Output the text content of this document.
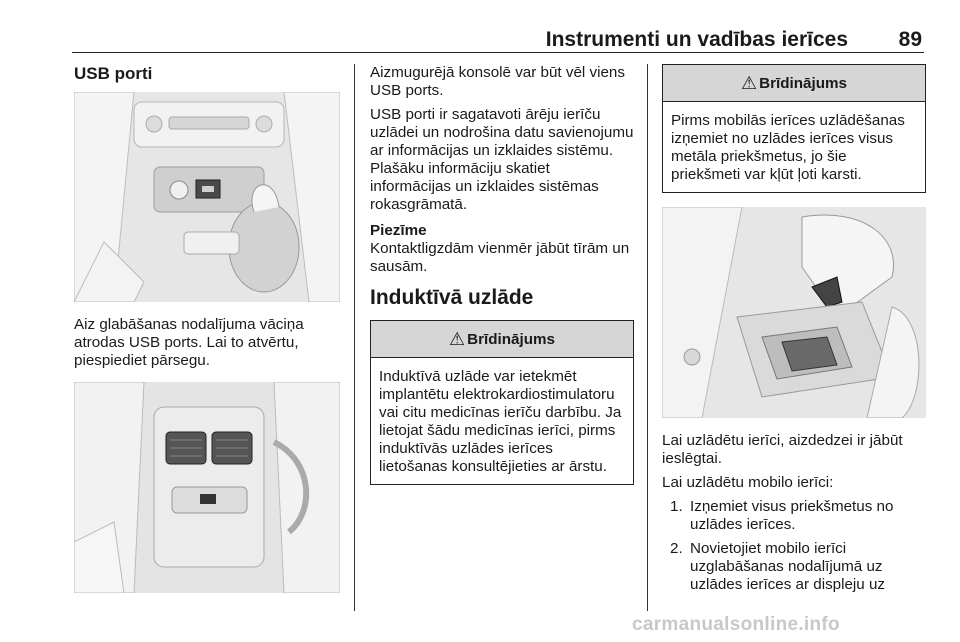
Instrumenti un vadības ierīces 89
USB porti

Aiz glabāšanas nodalījuma vāciņa atrodas USB ports. Lai to atvērtu, piespiediet pārsegu.

Aizmugurējā konsolē var būt vēl viens USB ports.

USB porti ir sagatavoti ārēju ierīču uzlādei un nodrošina datu savienojumu ar informācijas un izklaides sistēmu. Plašāku informāciju skatiet informācijas un izklaides sistēmas rokasgrāmatā.

Piezīme
Kontaktligzdām vienmēr jābūt tīrām un sausām.
Induktīvā uzlāde
⚠ Brīdinājums
Induktīvā uzlāde var ietekmēt implantētu elektrokardiostimulatoru vai citu medicīnas ierīču darbību. Ja lietojat šādu medicīnas ierīci, pirms induktīvās uzlādes ierīces lietošanas konsultējieties ar ārstu.
⚠ Brīdinājums
Pirms mobilās ierīces uzlādēšanas izņemiet no uzlādes ierīces visus metāla priekšmetus, jo šie priekšmeti var kļūt ļoti karsti.

Lai uzlādētu ierīci, aizdedzei ir jābūt ieslēgtai.

Lai uzlādētu mobilo ierīci:

1. Izņemiet visus priekšmetus no uzlādes ierīces.
2. Novietojiet mobilo ierīci uzglabāšanas nodalījumā uz uzlādes ierīces ar displeju uz
carmanualsonline.info
